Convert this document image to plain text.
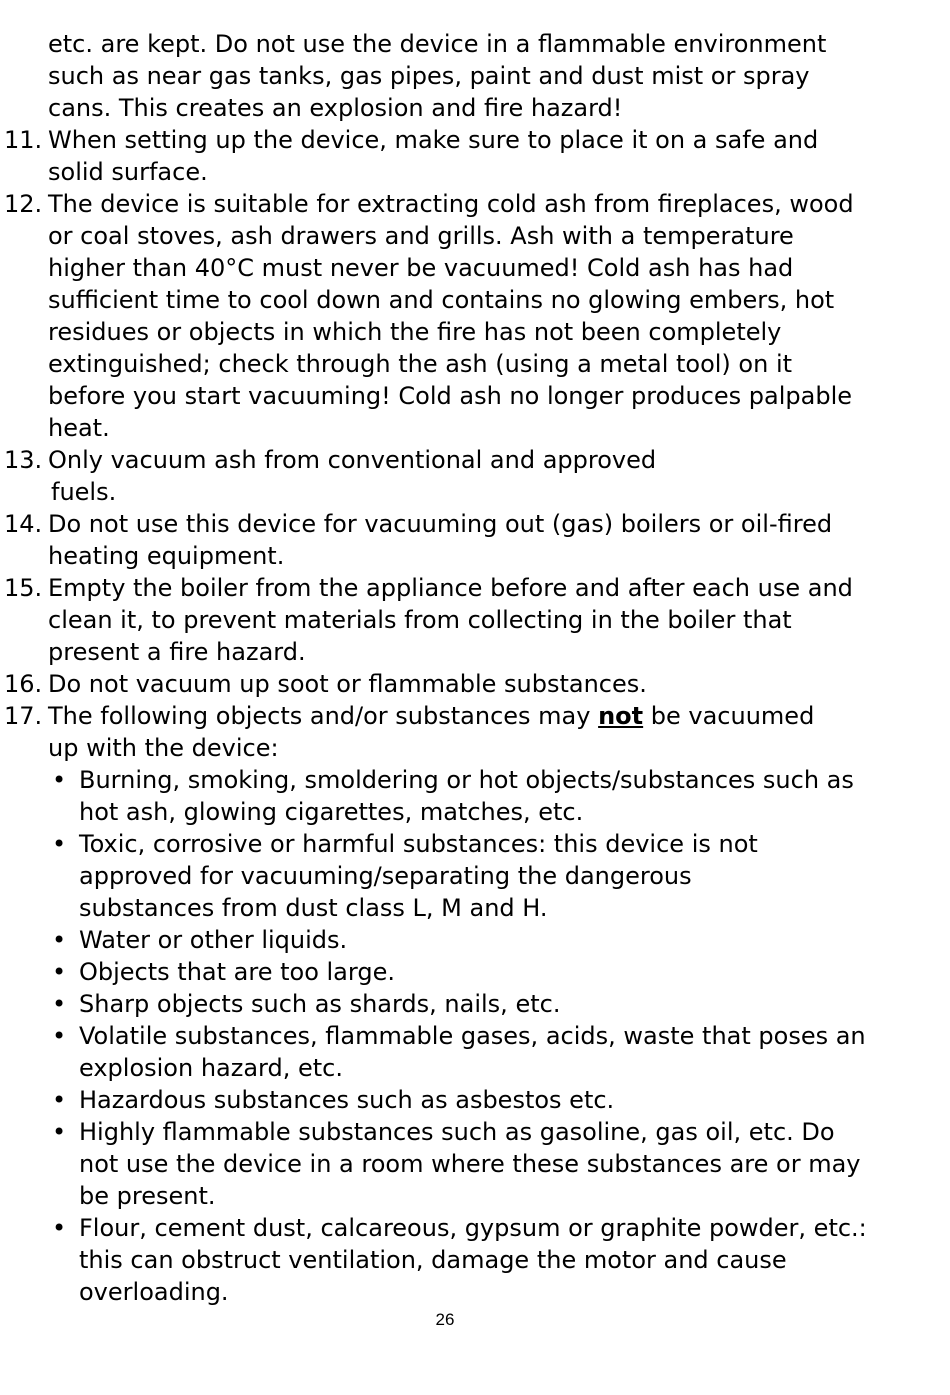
etc. are kept. Do not use the device in a flammable environment
such as near gas tanks, gas pipes, paint and dust mist or spray
cans. This creates an explosion and fire hazard!
11. When setting up the device, make sure to place it on a safe and
solid surface.
12. The device is suitable for extracting cold ash from fireplaces, wood
or coal stoves, ash drawers and grills. Ash with a temperature
higher than 40°C must never be vacuumed! Cold ash has had
sufficient time to cool down and contains no glowing embers, hot
residues or objects in which the fire has not been completely
extinguished; check through the ash (using a metal tool) on it
before you start vacuuming! Cold ash no longer produces palpable
heat.
13. Only vacuum ash from conventional and approved
fuels.
14. Do not use this device for vacuuming out (gas) boilers or oil-fired
heating equipment.
15. Empty the boiler from the appliance before and after each use and
clean it, to prevent materials from collecting in the boiler that
present a fire hazard.
16. Do not vacuum up soot or flammable substances.
17. The following objects and/or substances may not be vacuumed
up with the device:
• Burning, smoking, smoldering or hot objects/substances such as
hot ash, glowing cigarettes, matches, etc.
• Toxic, corrosive or harmful substances: this device is not
approved for vacuuming/separating the dangerous
substances from dust class L, M and H.
• Water or other liquids.
• Objects that are too large.
• Sharp objects such as shards, nails, etc.
• Volatile substances, flammable gases, acids, waste that poses an
explosion hazard, etc.
• Hazardous substances such as asbestos etc.
• Highly flammable substances such as gasoline, gas oil, etc. Do
not use the device in a room where these substances are or may
be present.
• Flour, cement dust, calcareous, gypsum or graphite powder, etc.:
this can obstruct ventilation, damage the motor and cause
overloading.
26
